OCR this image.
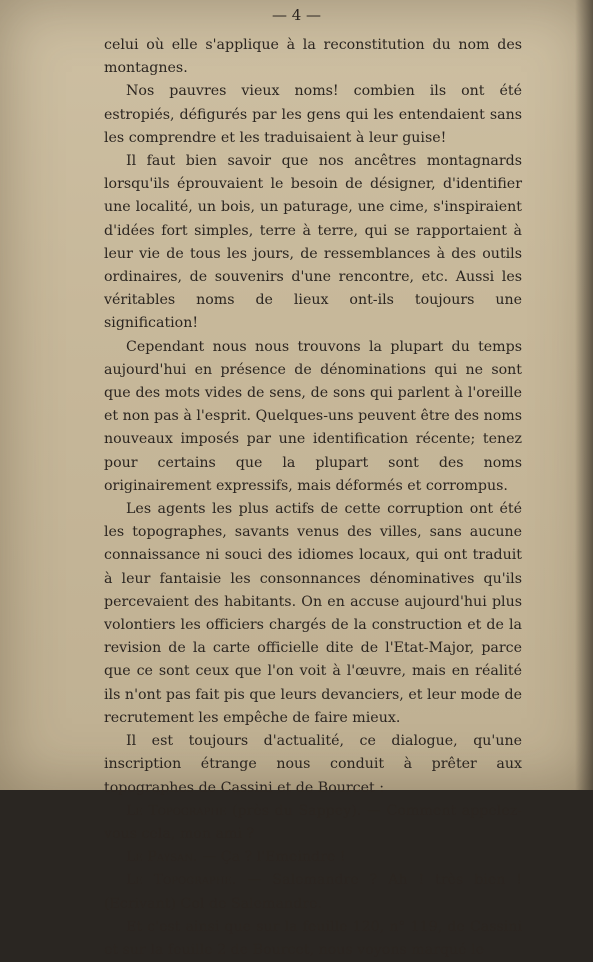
— 4 —

celui où elle s'applique à la reconstitution du nom des montagnes.

Nos pauvres vieux noms! combien ils ont été estropiés, défigurés par les gens qui les entendaient sans les comprendre et les traduisaient à leur guise!

Il faut bien savoir que nos ancêtres montagnards lorsqu'ils éprouvaient le besoin de désigner, d'identifier une localité, un bois, un paturage, une cime, s'inspiraient d'idées fort simples, terre à terre, qui se rapportaient à leur vie de tous les jours, de ressemblances à des outils ordinaires, de souvenirs d'une rencontre, etc. Aussi les véritables noms de lieux ont-ils toujours une signification!

Cependant nous nous trouvons la plupart du temps aujourd'hui en présence de dénominations qui ne sont que des mots vides de sens, de sons qui parlent à l'oreille et non pas à l'esprit. Quelques-uns peuvent être des noms nouveaux imposés par une identification récente; tenez pour certains que la plupart sont des noms originairement expressifs, mais déformés et corrompus.

Les agents les plus actifs de cette corruption ont été les topographes, savants venus des villes, sans aucune connaissance ni souci des idiomes locaux, qui ont traduit à leur fantaisie les consonnances dénominatives qu'ils percevaient des habitants. On en accuse aujourd'hui plus volontiers les officiers chargés de la construction et de la revision de la carte officielle dite de l'Etat-Major, parce que ce sont ceux que l'on voit à l'œuvre, mais en réalité ils n'ont pas fait pis que leurs devanciers, et leur mode de recrutement les empêche de faire mieux.

Il est toujours d'actualité, ce dialogue, qu'une inscription étrange nous conduit à prêter aux topographes de Cassini et de Bourcet :

Le Topographe (près du Sappey). — Comment appelez-vous cela, mon ami ?

Le Paysan. — Ça ? l'Emeindre !

Le Topographe. — Salemandre ? Ah ! très bien ! (Ecrivant) Col de Salemandre.

Et c'est ainsi que sur la feuille 120, n° 119, de Cassini et sur la feuille 2 de Bourcet, nous voyons marqué le
